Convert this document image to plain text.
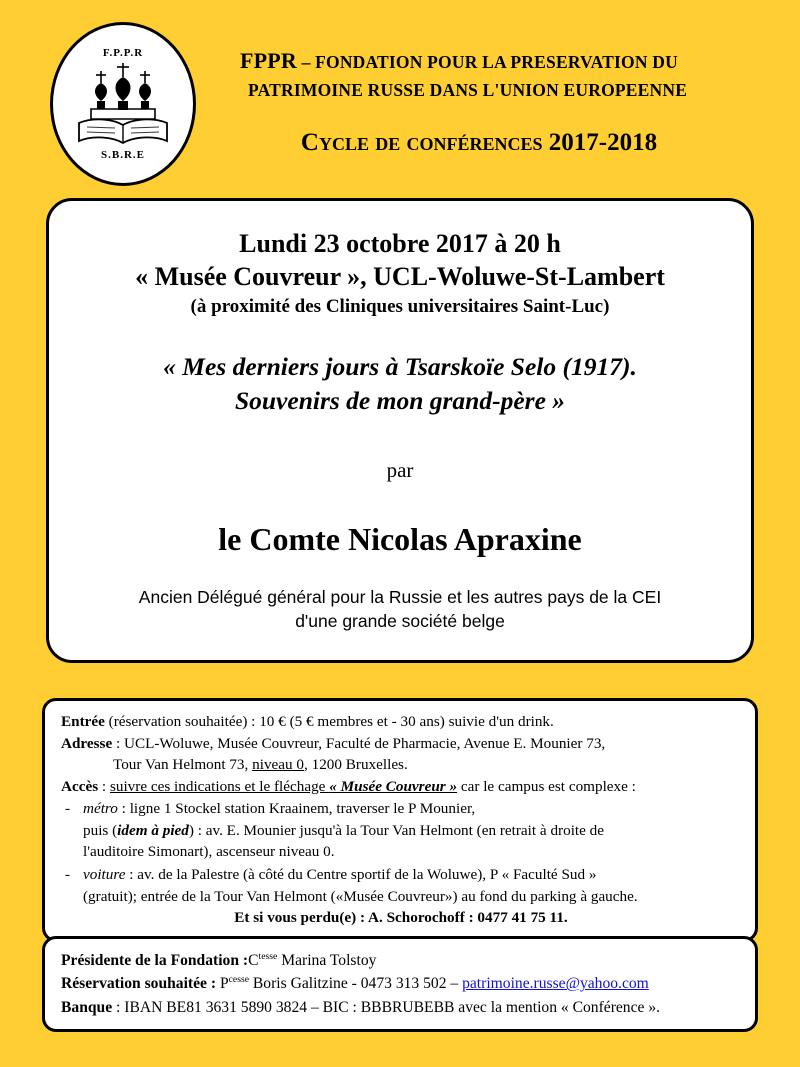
F.P.P.R
S.B.R.E
FPPR – FONDATION POUR LA PRESERVATION DU
PATRIMOINE RUSSE DANS L'UNION EUROPEENNE
Cycle de conférences 2017-2018
Lundi 23 octobre 2017 à 20 h
« Musée Couvreur », UCL-Woluwe-St-Lambert
(à proximité des Cliniques universitaires Saint-Luc)
« Mes derniers jours à Tsarskoïe Selo (1917).
Souvenirs de mon grand-père »
par
le Comte Nicolas Apraxine
Ancien Délégué général pour la Russie et les autres pays de la CEI
d'une grande société belge

Entrée (réservation souhaitée) : 10 € (5 € membres et - 30 ans) suivie d'un drink.

Adresse : UCL-Woluwe, Musée Couvreur, Faculté de Pharmacie, Avenue E. Mounier 73,

Tour Van Helmont 73, niveau 0, 1200 Bruxelles.

Accès : suivre ces indications et le fléchage « Musée Couvreur » car le campus est complexe :

- métro : ligne 1 Stockel station Kraainem, traverser le P Mounier,
puis (idem à pied) : av. E. Mounier jusqu'à la Tour Van Helmont (en retrait à droite de
l'auditoire Simonart), ascenseur niveau 0.
- voiture : av. de la Palestre (à côté du Centre sportif de la Woluwe), P « Faculté Sud »
(gratuit); entrée de la Tour Van Helmont («Musée Couvreur») au fond du parking à gauche.

Et si vous perdu(e) : A. Schorochoff : 0477 41 75 11.

Présidente de la Fondation $:C^{tesse}$ Marina Tolstoy

Réservation souhaitée : $P^{cesse}$ Boris Galitzine - 0473 313 502 – patrimoine.russe@yahoo.com

Banque : IBAN BE81 3631 5890 3824 – BIC : BBBRUBEBB avec la mention « Conférence ».
